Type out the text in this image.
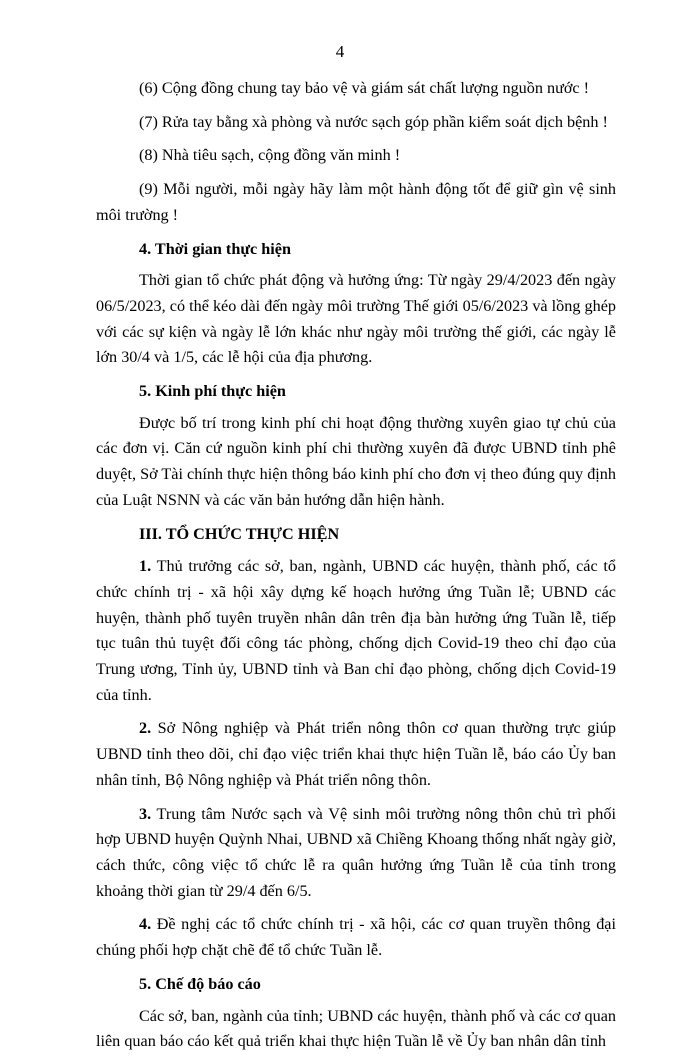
4

(6) Cộng đồng chung tay bảo vệ và giám sát chất lượng nguồn nước !

(7) Rửa tay bằng xà phòng và nước sạch góp phần kiểm soát dịch bệnh !

(8) Nhà tiêu sạch, cộng đồng văn minh !

(9) Mỗi người, mỗi ngày hãy làm một hành động tốt để giữ gìn vệ sinh môi trường !

4. Thời gian thực hiện

Thời gian tổ chức phát động và hưởng ứng: Từ ngày 29/4/2023 đến ngày 06/5/2023, có thể kéo dài đến ngày môi trường Thế giới 05/6/2023 và lồng ghép với các sự kiện và ngày lễ lớn khác như ngày môi trường thế giới, các ngày lễ lớn 30/4 và 1/5, các lễ hội của địa phương.

5. Kinh phí thực hiện

Được bố trí trong kinh phí chi hoạt động thường xuyên giao tự chủ của các đơn vị. Căn cứ nguồn kinh phí chi thường xuyên đã được UBND tỉnh phê duyệt, Sở Tài chính thực hiện thông báo kinh phí cho đơn vị theo đúng quy định của Luật NSNN và các văn bản hướng dẫn hiện hành.

III. TỔ CHỨC THỰC HIỆN

1. Thủ trưởng các sở, ban, ngành, UBND các huyện, thành phố, các tổ chức chính trị - xã hội xây dựng kế hoạch hưởng ứng Tuần lễ; UBND các huyện, thành phố tuyên truyền nhân dân trên địa bàn hưởng ứng Tuần lễ, tiếp tục tuân thủ tuyệt đối công tác phòng, chống dịch Covid-19 theo chỉ đạo của Trung ương, Tỉnh ủy, UBND tỉnh và Ban chỉ đạo phòng, chống dịch Covid-19 của tỉnh.

2. Sở Nông nghiệp và Phát triển nông thôn cơ quan thường trực giúp UBND tỉnh theo dõi, chỉ đạo việc triển khai thực hiện Tuần lễ, báo cáo Ủy ban nhân tỉnh, Bộ Nông nghiệp và Phát triển nông thôn.

3. Trung tâm Nước sạch và Vệ sinh môi trường nông thôn chủ trì phối hợp UBND huyện Quỳnh Nhai, UBND xã Chiềng Khoang thống nhất ngày giờ, cách thức, công việc tổ chức lễ ra quân hưởng ứng Tuần lễ của tỉnh trong khoảng thời gian từ 29/4 đến 6/5.

4. Đề nghị các tổ chức chính trị - xã hội, các cơ quan truyền thông đại chúng phối hợp chặt chẽ để tổ chức Tuần lễ.

5. Chế độ báo cáo

Các sở, ban, ngành của tỉnh; UBND các huyện, thành phố và các cơ quan liên quan báo cáo kết quả triển khai thực hiện Tuần lễ về Ủy ban nhân dân tỉnh
